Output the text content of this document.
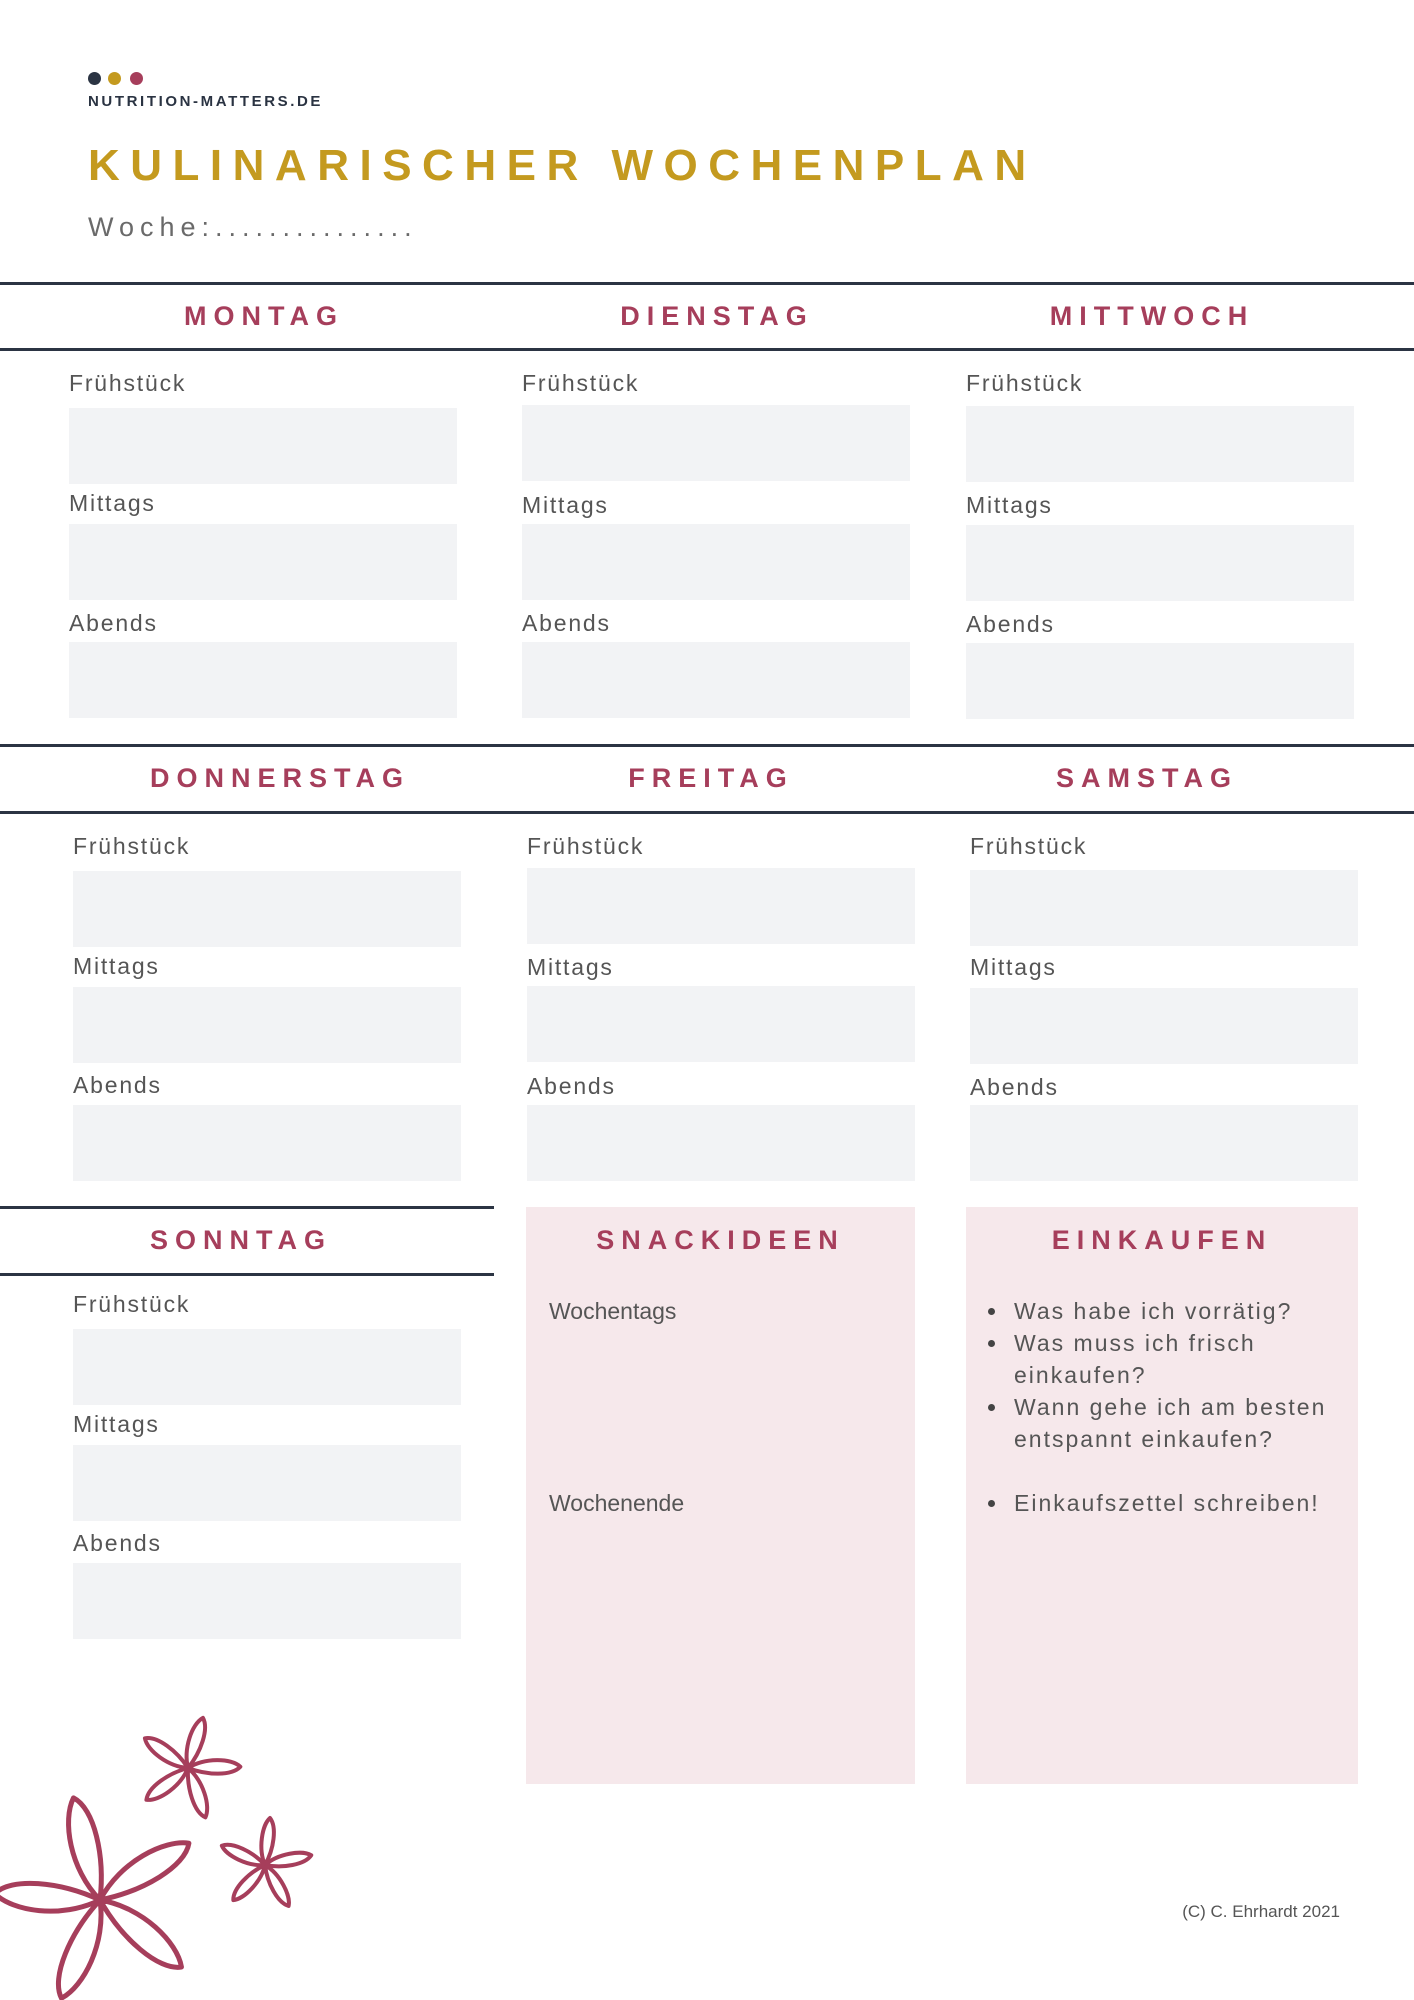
NUTRITION-MATTERS.DE
KULINARISCHER WOCHENPLAN
Woche:...............
MONTAG	DIENSTAG	MITTWOCH
DONNERSTAG	FREITAG	SAMSTAG
SONNTAG
Frühstück
Mittags
Abends
Frühstück
Mittags
Abends
Frühstück
Mittags
Abends
Frühstück
Mittags
Abends
Frühstück
Mittags
Abends
Frühstück
Mittags
Abends
Frühstück
Mittags
Abends
SNACKIDEEN
Wochentags
Wochenende
EINKAUFEN
Was habe ich vorrätig?
Was muss ich frisch einkaufen?
Wann gehe ich am besten entspannt einkaufen?
Einkaufszettel schreiben!
(C) C. Ehrhardt 2021
